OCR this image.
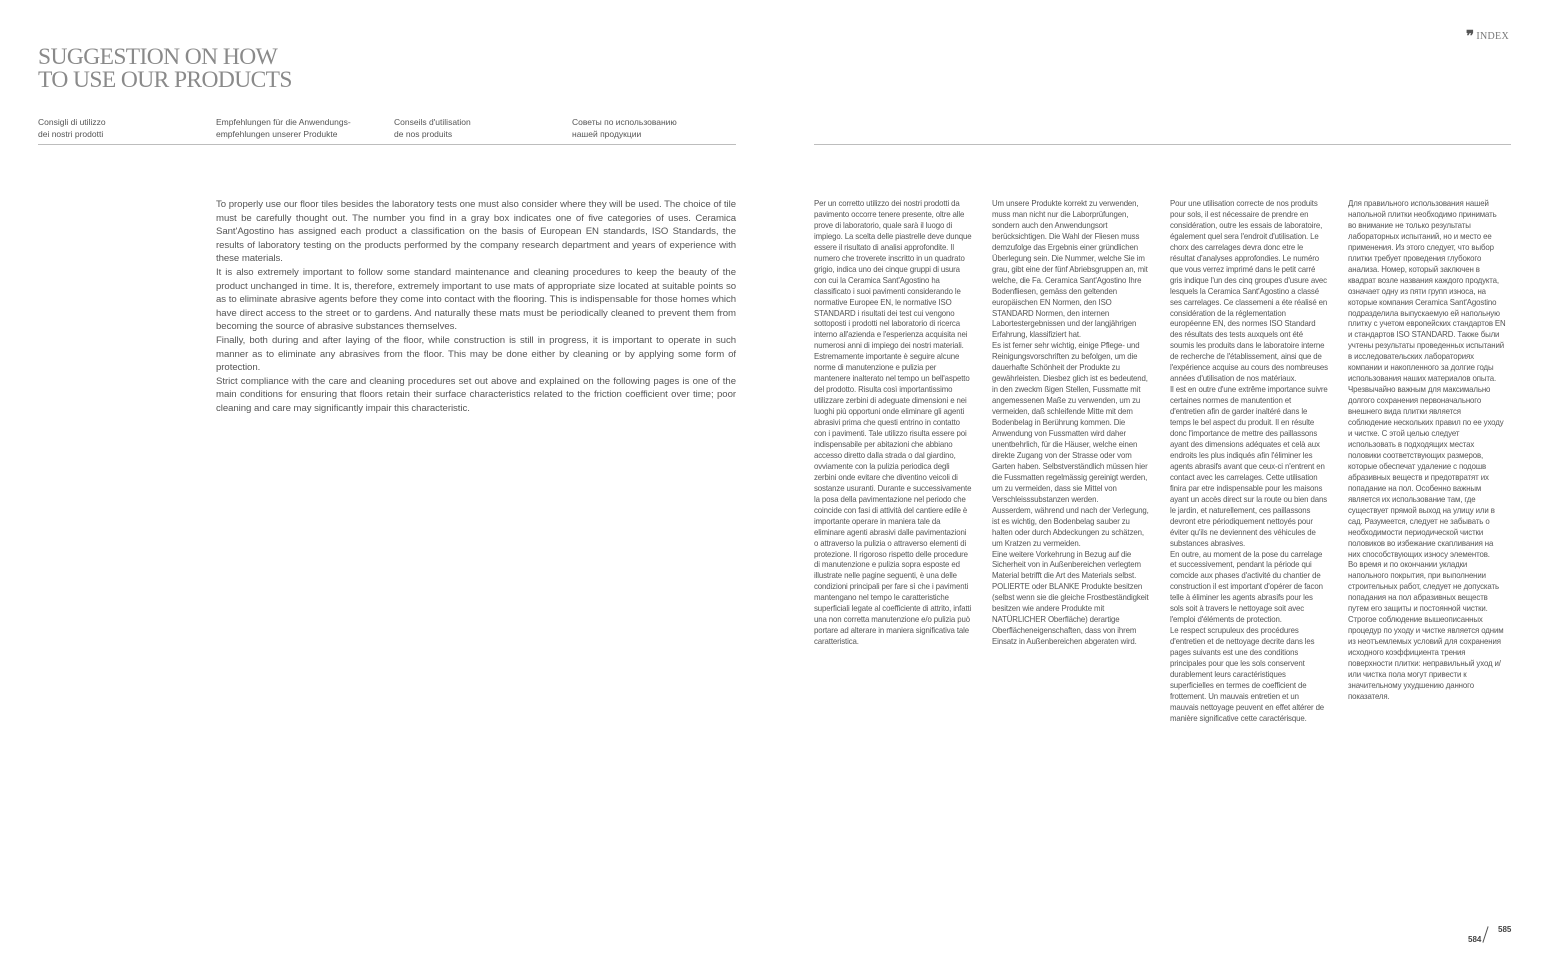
SUGGESTION ON HOW
TO USE OUR PRODUCTS
Consigli di utilizzo
dei nostri prodotti
Empfehlungen für die Anwendungs-
empfehlungen unserer Produkte
Conseils d'utilisation
de nos produits
Советы по использованию
нашей продукции
❞ INDEX

To properly use our floor tiles besides the laboratory tests one must also consider where they will be used. The choice of tile must be carefully thought out. The number you find in a gray box indicates one of five categories of uses. Ceramica Sant'Agostino has assigned each product a classification on the basis of European EN standards, ISO Standards, the results of laboratory testing on the products performed by the company research department and years of experience with these materials.

It is also extremely important to follow some standard maintenance and cleaning procedures to keep the beauty of the product unchanged in time. It is, therefore, extremely important to use mats of appropriate size located at suitable points so as to eliminate abrasive agents before they come into contact with the flooring. This is indispensable for those homes which have direct access to the street or to gardens. And naturally these mats must be periodically cleaned to prevent them from becoming the source of abrasive substances themselves.

Finally, both during and after laying of the floor, while construction is still in progress, it is important to operate in such manner as to eliminate any abrasives from the floor. This may be done either by cleaning or by applying some form of protection.

Strict compliance with the care and cleaning procedures set out above and explained on the following pages is one of the main conditions for ensuring that floors retain their surface characteristics related to the friction coefficient over time; poor cleaning and care may significantly impair this characteristic.

Per un corretto utilizzo dei nostri prodotti da pavimento occorre tenere presente, oltre alle prove di laboratorio, quale sarà il luogo di impiego. La scelta delle piastrelle deve dunque essere il risultato di analisi approfondite. Il numero che troverete inscritto in un quadrato grigio, indica uno dei cinque gruppi di usura con cui la Ceramica Sant'Agostino ha classificato i suoi pavimenti considerando le normative Europee EN, le normative ISO STANDARD i risultati dei test cui vengono sottoposti i prodotti nel laboratorio di ricerca interno all'azienda e l'esperienza acquisita nei numerosi anni di impiego dei nostri materiali. Estremamente importante è seguire alcune norme di manutenzione e pulizia per mantenere inalterato nel tempo un bell'aspetto del prodotto. Risulta così importantissimo utilizzare zerbini di adeguate dimensioni e nei luoghi più opportuni onde eliminare gli agenti abrasivi prima che questi entrino in contatto con i pavimenti. Tale utilizzo risulta essere poi indispensabile per abitazioni che abbiano accesso diretto dalla strada o dal giardino, ovviamente con la pulizia periodica degli zerbini onde evitare che diventino veicoli di sostanze usuranti. Durante e successivamente la posa della pavimentazione nel periodo che coincide con fasi di attività del cantiere edile è importante operare in maniera tale da eliminare agenti abrasivi dalle pavimentazioni o attraverso la pulizia o attraverso elementi di protezione. Il rigoroso rispetto delle procedure di manutenzione e pulizia sopra esposte ed illustrate nelle pagine seguenti, è una delle condizioni principali per fare sì che i pavimenti mantengano nel tempo le caratteristiche superficiali legate al coefficiente di attrito, infatti una non corretta manutenzione e/o pulizia può portare ad alterare in maniera significativa tale caratteristica.

Um unsere Produkte korrekt zu verwenden, muss man nicht nur die Laborprüfungen, sondern auch den Anwendungsort berücksichtigen. Die Wahl der Fliesen muss demzufolge das Ergebnis einer gründlichen Überlegung sein. Die Nummer, welche Sie im grau, gibt eine der fünf Abriebsgruppen an, mit welche, die Fa. Ceramica Sant'Agostino Ihre Bodenfliesen, gemäss den geltenden europäischen EN Normen, den ISO STANDARD Normen, den internen Labortestergebnissen und der langjährigen Erfahrung, klassifiziert hat.

Es ist ferner sehr wichtig, einige Pflege- und Reinigungsvorschriften zu befolgen, um die dauerhafte Schönheit der Produkte zu gewährleisten. Diesbez glich ist es bedeutend, in den zweckm ßigen Stellen, Fussmatte mit angemessenen Maße zu verwenden, um zu vermeiden, daß schleifende Mitte mit dem Bodenbelag in Berührung kommen. Die Anwendung von Fussmatten wird daher unentbehrlich, für die Häuser, welche einen direkte Zugang von der Strasse oder vom Garten haben. Selbstverständlich müssen hier die Fussmatten regelmässig gereinigt werden, um zu vermeiden, dass sie Mittel von Verschleisssubstanzen werden.

Ausserdem, während und nach der Verlegung, ist es wichtig, den Bodenbelag sauber zu halten oder durch Abdeckungen zu schätzen, um Kratzen zu vermeiden.

Eine weitere Vorkehrung in Bezug auf die Sicherheit von in Außenbereichen verlegtem Material betrifft die Art des Materials selbst. POLIERTE oder BLANKE Produkte besitzen (selbst wenn sie die gleiche Frostbeständigkeit besitzen wie andere Produkte mit NATÜRLICHER Oberfläche) derartige Oberflächeneigenschaften, dass von ihrem Einsatz in Außenbereichen abgeraten wird.

Pour une utilisation correcte de nos produits pour sols, il est nécessaire de prendre en considération, outre les essais de laboratoire, également quel sera l'endroit d'utilisation. Le chorx des carrelages devra donc etre le résultat d'analyses approfondies. Le numéro que vous verrez imprimé dans le petit carré gris indique l'un des cinq groupes d'usure avec lesquels la Ceramica Sant'Agostino a classé ses carrelages. Ce classemeni a éte réalisé en considération de la réglementation européenne EN, des normes ISO Standard des résultats des tests auxquels ont été soumis les produits dans le laboratoire interne de recherche de l'établissement, ainsi que de l'expérience acquise au cours des nombreuses années d'utilisation de nos matériaux.

Il est en outre d'une extrême importance suivre certaines normes de manutention et d'entretien afin de garder inaltéré dans le temps le bel aspect du produit. Il en résulte donc l'importance de mettre des paillassons ayant des dimensions adéquates et celà aux endroits les plus indiqués afin l'éliminer les agents abrasifs avant que ceux-ci n'entrent en contact avec les carrelages. Cette utilisation finira par etre indispensable pour les maisons ayant un accès direct sur la route ou bien dans le jardin, et naturellement, ces paillassons devront etre périodiquement nettoyés pour éviter qu'ils ne deviennent des véhicules de substances abrasives.

En outre, au moment de la pose du carrelage et successivement, pendant la période qui comcide aux phases d'activité du chantier de construction il est important d'opérer de facon telle à éliminer les agents abrasifs pour les sols soit à travers le nettoyage soit avec l'emploi d'éléments de protection.

Le respect scrupuleux des procédures d'entretien et de nettoyage decrite dans les pages suivants est une des conditions principales pour que les sols conservent durablement leurs caractéristiques superficielles en termes de coefficient de frottement. Un mauvais entretien et un mauvais nettoyage peuvent en effet altérer de manière significative cette caractérisque.

Для правильного использования нашей напольной плитки необходимо принимать во внимание не только результаты лабораторных испытаний, но и место ее применения. Из этого следует, что выбор плитки требует проведения глубокого анализа. Номер, который заключен в квадрат возле названия каждого продукта, означает одну из пяти групп износа, на которые компания Ceramica Sant'Agostino подразделила выпускаемую ей напольную плитку с учетом европейских стандартов EN и стандартов ISO STANDARD. Также были учтены результаты проведенных испытаний в исследовательских лабораториях компании и накопленного за долгие годы использования наших материалов опыта.

Чрезвычайно важным для максимально долгого сохранения первоначального внешнего вида плитки является соблюдение нескольких правил по ее уходу и чистке. С этой целью следует использовать в подходящих местах половики соответствующих размеров, которые обеспечат удаление с подошв абразивных веществ и предотвратят их попадание на пол. Особенно важным является их использование там, где существует прямой выход на улицу или в сад. Разумеется, следует не забывать о необходимости периодической чистки половиков во избежание скапливания на них способствующих износу элементов.

Во время и по окончании укладки напольного покрытия, при выполнении строительных работ, следует не допускать попадания на пол абразивных веществ путем его защиты и постоянной чистки.

Строгое соблюдение вышеописанных процедур по уходу и чистке является одним из неотъемлемых условий для сохранения исходного коэффициента трения поверхности плитки: неправильный уход и/или чистка пола могут привести к значительному ухудшению данного показателя.

584
585
